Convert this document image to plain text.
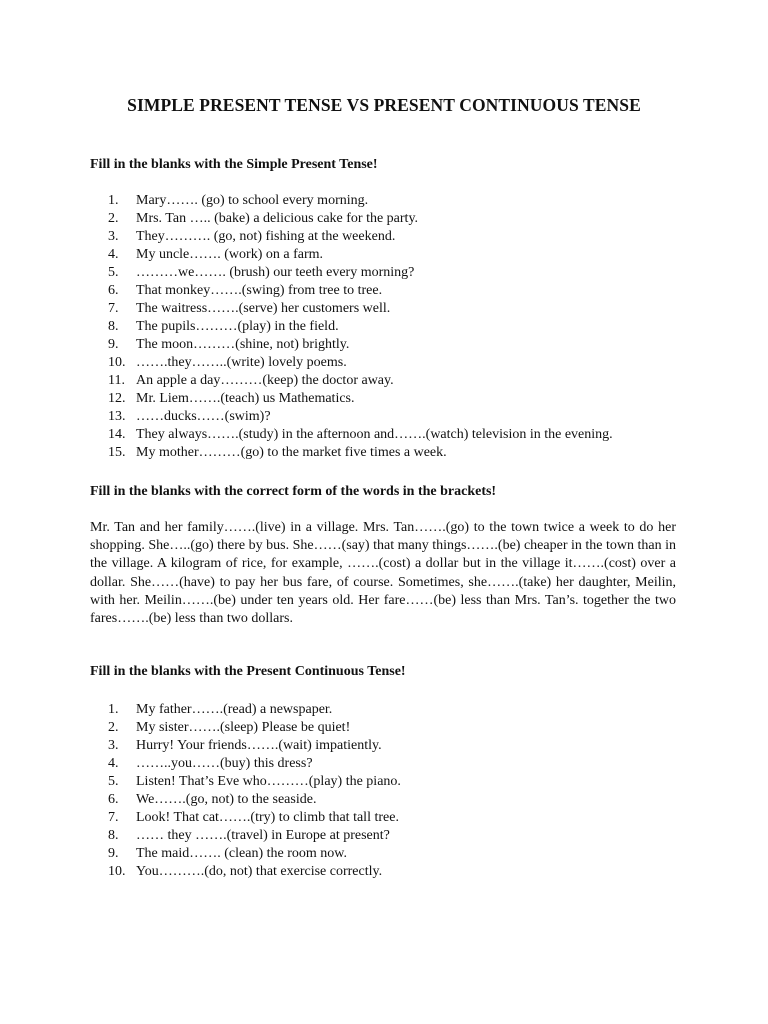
SIMPLE PRESENT TENSE VS PRESENT CONTINUOUS TENSE
Fill in the blanks with the Simple Present Tense!
1. Mary……. (go) to school every morning.
2. Mrs. Tan ….. (bake) a delicious cake for the party.
3. They………. (go, not) fishing at the weekend.
4. My uncle……. (work) on a farm.
5. ………we……. (brush) our teeth every morning?
6. That monkey…….(swing) from tree to tree.
7. The waitress…….(serve) her customers well.
8. The pupils………(play) in the field.
9. The moon………(shine, not) brightly.
10. …….they……..(write) lovely poems.
11. An apple a day………(keep) the doctor away.
12. Mr. Liem…….(teach) us Mathematics.
13. ……ducks……(swim)?
14. They always…….(study) in the afternoon and…….(watch) television in the evening.
15. My mother………(go) to the market five times a week.
Fill in the blanks with the correct form of the words in the brackets!

Mr. Tan and her family…….(live) in a village. Mrs. Tan…….(go) to the town twice a week to do her shopping. She…..(go) there by bus. She……(say) that many things…….(be) cheaper in the town than in the village. A kilogram of rice, for example, …….(cost) a dollar but in the village it…….(cost) over a dollar. She……(have) to pay her bus fare, of course. Sometimes, she…….(take) her daughter, Meilin, with her. Meilin…….(be) under ten years old. Her fare……(be) less than Mrs. Tan’s. together the two fares…….(be) less than two dollars.

Fill in the blanks with the Present Continuous Tense!
1. My father…….(read) a newspaper.
2. My sister…….(sleep) Please be quiet!
3. Hurry! Your friends…….(wait) impatiently.
4. ……..you……(buy) this dress?
5. Listen! That’s Eve who………(play) the piano.
6. We…….(go, not) to the seaside.
7. Look! That cat…….(try) to climb that tall tree.
8. …… they …….(travel) in Europe at present?
9. The maid……. (clean) the room now.
10. You……….(do, not) that exercise correctly.
